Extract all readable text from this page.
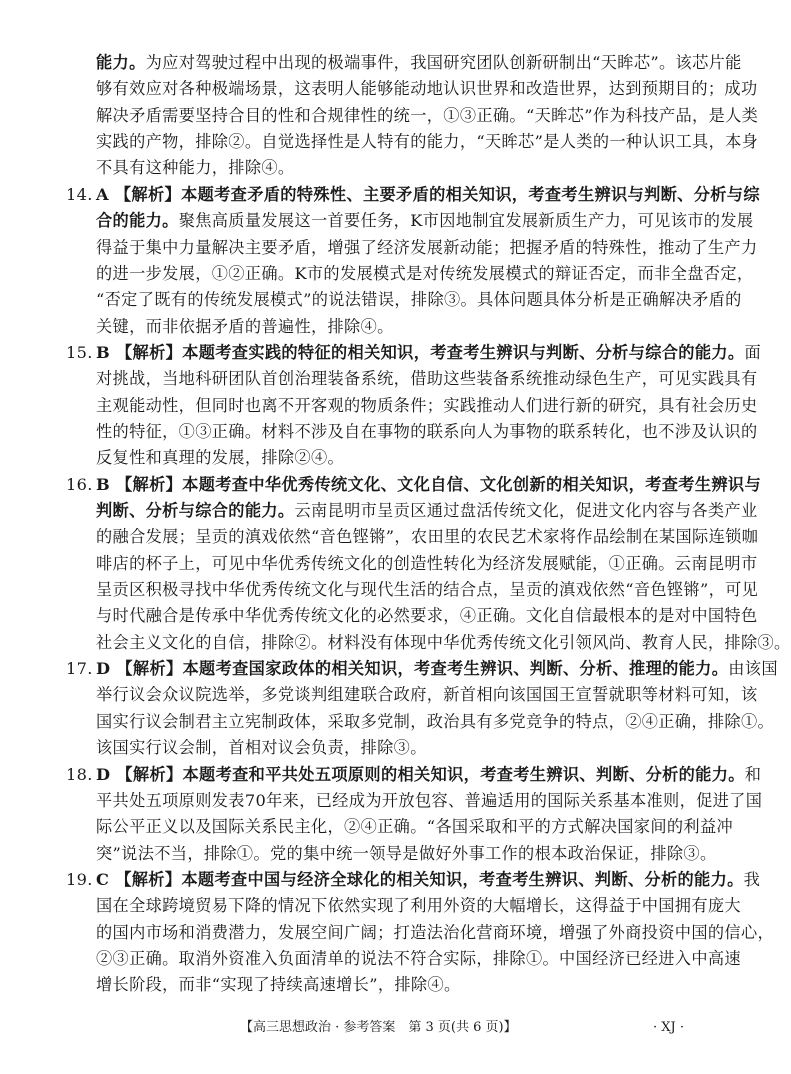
能力。为应对驾驶过程中出现的极端事件，我国研究团队创新研制出“天眸芯”。该芯片能
够有效应对各种极端场景，这表明人能够能动地认识世界和改造世界，达到预期目的；成功
解决矛盾需要坚持合目的性和合规律性的统一，①③正确。“天眸芯”作为科技产品，是人类
实践的产物，排除②。自觉选择性是人特有的能力，“天眸芯”是人类的一种认识工具，本身
不具有这种能力，排除④。
14. A 【解析】本题考查矛盾的特殊性、主要矛盾的相关知识，考查考生辨识与判断、分析与综
合的能力。聚焦高质量发展这一首要任务，K市因地制宜发展新质生产力，可见该市的发展
得益于集中力量解决主要矛盾，增强了经济发展新动能；把握矛盾的特殊性，推动了生产力
的进一步发展，①②正确。K市的发展模式是对传统发展模式的辩证否定，而非全盘否定，
“否定了既有的传统发展模式”的说法错误，排除③。具体问题具体分析是正确解决矛盾的
关键，而非依据矛盾的普遍性，排除④。
15. B 【解析】本题考查实践的特征的相关知识，考查考生辨识与判断、分析与综合的能力。面
对挑战，当地科研团队首创治理装备系统，借助这些装备系统推动绿色生产，可见实践具有
主观能动性，但同时也离不开客观的物质条件；实践推动人们进行新的研究，具有社会历史
性的特征，①③正确。材料不涉及自在事物的联系向人为事物的联系转化，也不涉及认识的
反复性和真理的发展，排除②④。
16. B 【解析】本题考查中华优秀传统文化、文化自信、文化创新的相关知识，考查考生辨识与
判断、分析与综合的能力。云南昆明市呈贡区通过盘活传统文化，促进文化内容与各类产业
的融合发展；呈贡的滇戏依然“音色铿锵”，农田里的农民艺术家将作品绘制在某国际连锁咖
啡店的杯子上，可见中华优秀传统文化的创造性转化为经济发展赋能，①正确。云南昆明市
呈贡区积极寻找中华优秀传统文化与现代生活的结合点，呈贡的滇戏依然“音色铿锵”，可见
与时代融合是传承中华优秀传统文化的必然要求，④正确。文化自信最根本的是对中国特色
社会主义文化的自信，排除②。材料没有体现中华优秀传统文化引领风尚、教育人民，排除③。
17. D 【解析】本题考查国家政体的相关知识，考查考生辨识、判断、分析、推理的能力。由该国
举行议会众议院选举，多党谈判组建联合政府，新首相向该国国王宣誓就职等材料可知，该
国实行议会制君主立宪制政体，采取多党制，政治具有多党竞争的特点，②④正确，排除①。
该国实行议会制，首相对议会负责，排除③。
18. D 【解析】本题考查和平共处五项原则的相关知识，考查考生辨识、判断、分析的能力。和
平共处五项原则发表70年来，已经成为开放包容、普遍适用的国际关系基本准则，促进了国
际公平正义以及国际关系民主化，②④正确。“各国采取和平的方式解决国家间的利益冲
突”说法不当，排除①。党的集中统一领导是做好外事工作的根本政治保证，排除③。
19. C 【解析】本题考查中国与经济全球化的相关知识，考查考生辨识、判断、分析的能力。我
国在全球跨境贸易下降的情况下依然实现了利用外资的大幅增长，这得益于中国拥有庞大
的国内市场和消费潜力，发展空间广阔；打造法治化营商环境，增强了外商投资中国的信心，
②③正确。取消外资准入负面清单的说法不符合实际，排除①。中国经济已经进入中高速
增长阶段，而非“实现了持续高速增长”，排除④。
【高三思想政治 · 参考答案　第 3 页(共 6 页)】	· XJ ·
